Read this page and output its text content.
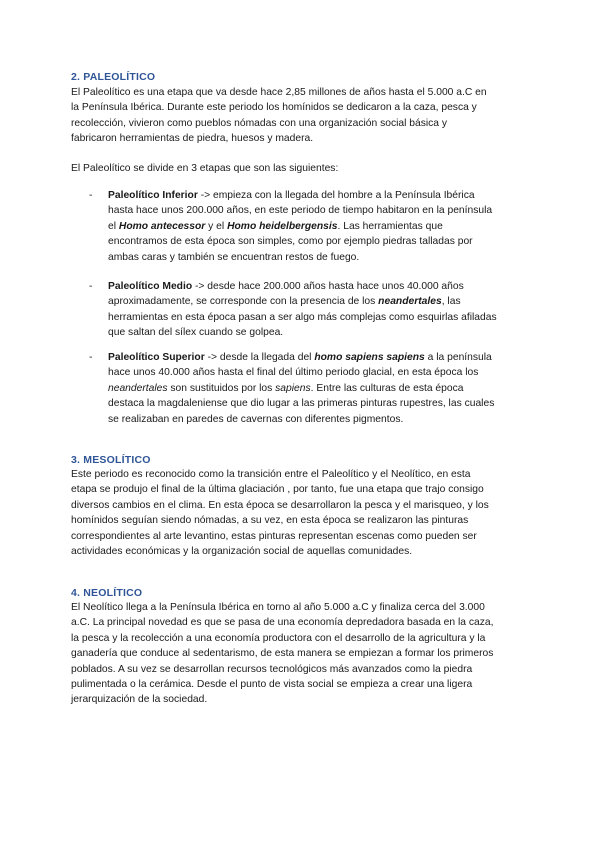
2. PALEOLÍTICO
El Paleolítico es una etapa que va desde hace 2,85 millones de años hasta el 5.000 a.C en
la Península Ibérica. Durante este periodo los homínidos se dedicaron a la caza, pesca y
recolección, vivieron como pueblos nómadas con una organización social básica y
fabricaron herramientas de piedra, huesos y madera.
El Paleolítico se divide en 3 etapas que son las siguientes:
- Paleolítico Inferior -> empieza con la llegada del hombre a la Península Ibérica
hasta hace unos 200.000 años, en este periodo de tiempo habitaron en la península
el Homo antecessor y el Homo heidelbergensis. Las herramientas que
encontramos de esta época son simples, como por ejemplo piedras talladas por
ambas caras y también se encuentran restos de fuego.
- Paleolítico Medio -> desde hace 200.000 años hasta hace unos 40.000 años
aproximadamente, se corresponde con la presencia de los neandertales, las
herramientas en esta época pasan a ser algo más complejas como esquirlas afiladas
que saltan del sílex cuando se golpea.
- Paleolítico Superior -> desde la llegada del homo sapiens sapiens a la península
hace unos 40.000 años hasta el final del último periodo glacial, en esta época los
neandertales son sustituidos por los sapiens. Entre las culturas de esta época
destaca la magdaleniense que dio lugar a las primeras pinturas rupestres, las cuales
se realizaban en paredes de cavernas con diferentes pigmentos.
3. MESOLÍTICO
Este periodo es reconocido como la transición entre el Paleolítico y el Neolítico, en esta
etapa se produjo el final de la última glaciación , por tanto, fue una etapa que trajo consigo
diversos cambios en el clima. En esta época se desarrollaron la pesca y el marisqueo, y los
homínidos seguían siendo nómadas, a su vez, en esta época se realizaron las pinturas
correspondientes al arte levantino, estas pinturas representan escenas como pueden ser
actividades económicas y la organización social de aquellas comunidades.
4. NEOLÍTICO
El Neolítico llega a la Península Ibérica en torno al año 5.000 a.C y finaliza cerca del 3.000
a.C. La principal novedad es que se pasa de una economía depredadora basada en la caza,
la pesca y la recolección a una economía productora con el desarrollo de la agricultura y la
ganadería que conduce al sedentarismo, de esta manera se empiezan a formar los primeros
poblados. A su vez se desarrollan recursos tecnológicos más avanzados como la piedra
pulimentada o la cerámica. Desde el punto de vista social se empieza a crear una ligera
jerarquización de la sociedad.
